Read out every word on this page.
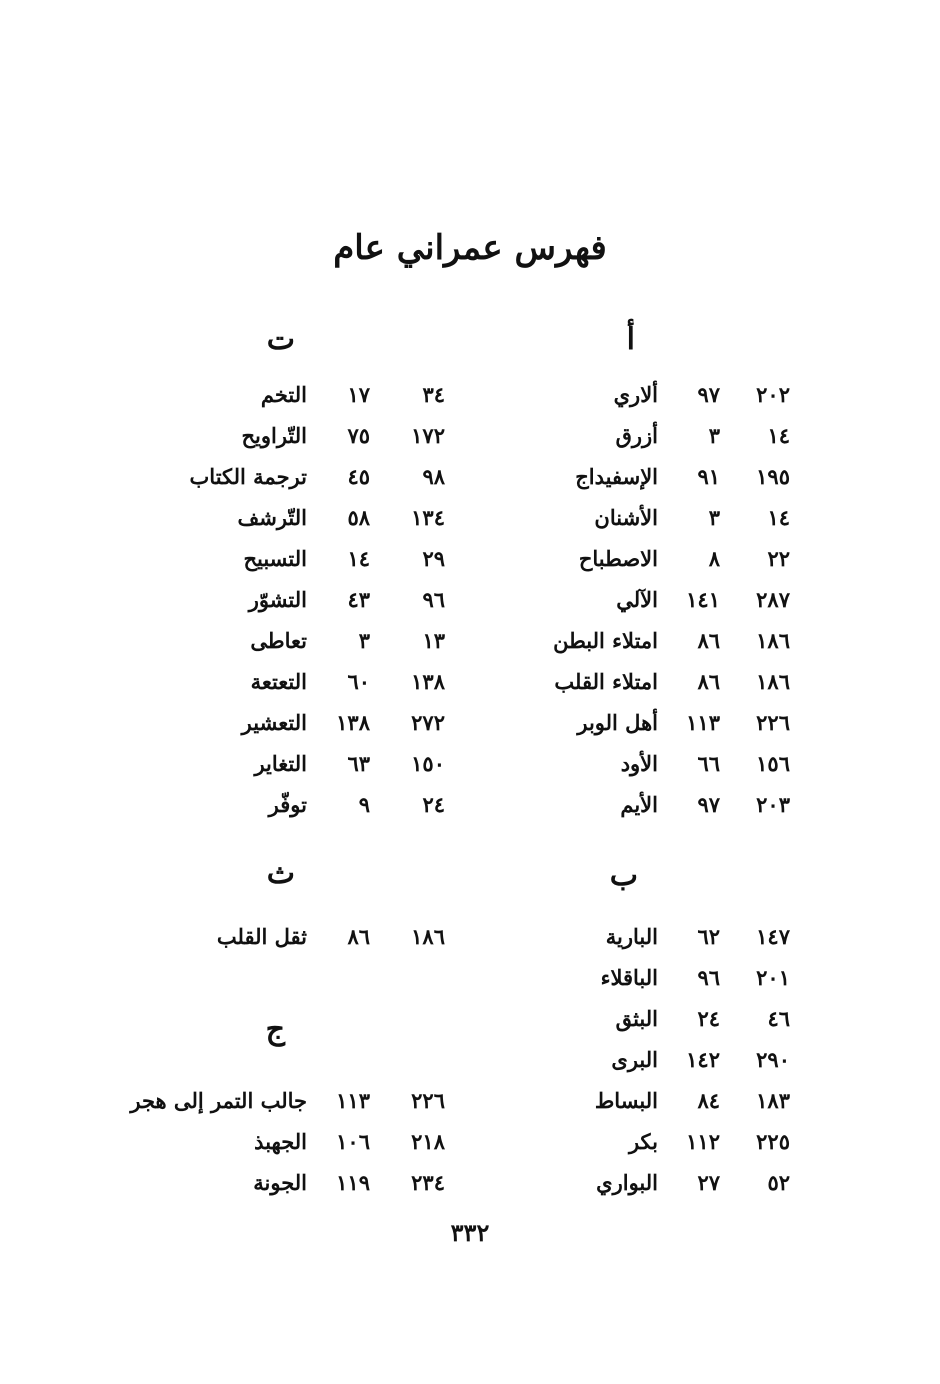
فهرس عمراني عام
أ
٢٠٢
٩٧
ألاري
١٤
٣
أزرق
١٩٥
٩١
الإسفيداج
١٤
٣
الأشنان
٢٢
٨
الاصطباح
٢٨٧
١٤١
الآلي
١٨٦
٨٦
امتلاء البطن
١٨٦
٨٦
امتلاء القلب
٢٢٦
١١٣
أهل الوبر
١٥٦
٦٦
الأود
٢٠٣
٩٧
الأيم
ب
١٤٧
٦٢
البارية
٢٠١
٩٦
الباقلاء
٤٦
٢٤
البثق
٢٩٠
١٤٢
البرى
١٨٣
٨٤
البساط
٢٢٥
١١٢
بكر
٥٢
٢٧
البواري
ت
٣٤
١٧
التخم
١٧٢
٧٥
التّراويح
٩٨
٤٥
ترجمة الكتاب
١٣٤
٥٨
التّرشف
٢٩
١٤
التسبيح
٩٦
٤٣
التشوّر
١٣
٣
تعاطى
١٣٨
٦٠
التعتعة
٢٧٢
١٣٨
التعشير
١٥٠
٦٣
التغاير
٢٤
٩
توفّر
ث
١٨٦
٨٦
ثقل القلب
ج
٢٢٦
١١٣
جالب التمر إلى هجر
٢١٨
١٠٦
الجهبذ
٢٣٤
١١٩
الجونة
٣٣٢
